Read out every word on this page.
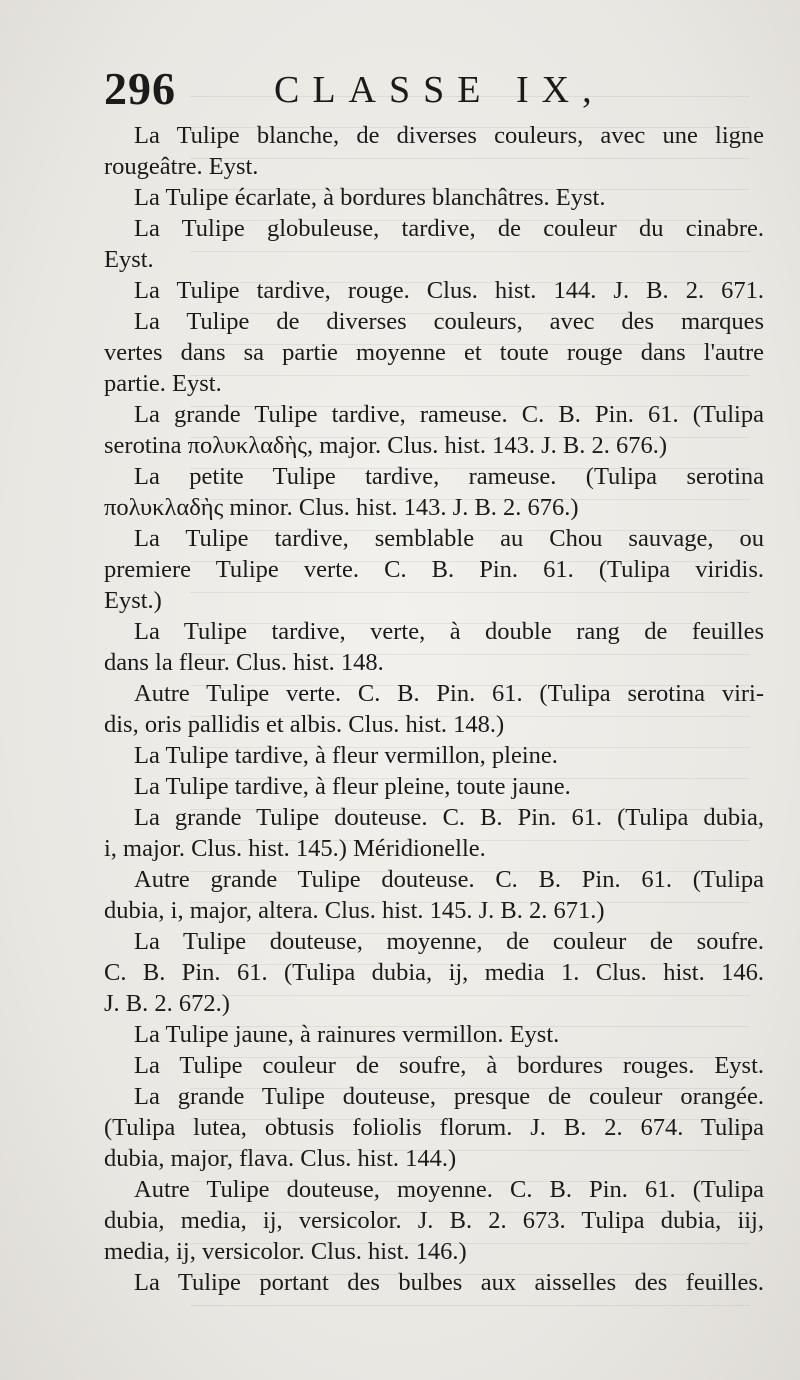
296	CLASSE IX,
La Tulipe blanche, de diverses couleurs, avec une ligne
rougeâtre. Eyst.
La Tulipe écarlate, à bordures blanchâtres. Eyst.
La Tulipe globuleuse, tardive, de couleur du cinabre.
Eyst.
La Tulipe tardive, rouge. Clus. hist. 144. J. B. 2. 671.
La Tulipe de diverses couleurs, avec des marques
vertes dans sa partie moyenne et toute rouge dans l'autre
partie. Eyst.
La grande Tulipe tardive, rameuse. C. B. Pin. 61. (Tulipa
serotina πολυκλαδὴς, major. Clus. hist. 143. J. B. 2. 676.)
La petite Tulipe tardive, rameuse. (Tulipa serotina
πολυκλαδὴς minor. Clus. hist. 143. J. B. 2. 676.)
La Tulipe tardive, semblable au Chou sauvage, ou
premiere Tulipe verte. C. B. Pin. 61. (Tulipa viridis.
Eyst.)
La Tulipe tardive, verte, à double rang de feuilles
dans la fleur. Clus. hist. 148.
Autre Tulipe verte. C. B. Pin. 61. (Tulipa serotina viri-
dis, oris pallidis et albis. Clus. hist. 148.)
La Tulipe tardive, à fleur vermillon, pleine.
La Tulipe tardive, à fleur pleine, toute jaune.
La grande Tulipe douteuse. C. B. Pin. 61. (Tulipa dubia,
i, major. Clus. hist. 145.) Méridionelle.
Autre grande Tulipe douteuse. C. B. Pin. 61. (Tulipa
dubia, i, major, altera. Clus. hist. 145. J. B. 2. 671.)
La Tulipe douteuse, moyenne, de couleur de soufre.
C. B. Pin. 61. (Tulipa dubia, ij, media 1. Clus. hist. 146.
J. B. 2. 672.)
La Tulipe jaune, à rainures vermillon. Eyst.
La Tulipe couleur de soufre, à bordures rouges. Eyst.
La grande Tulipe douteuse, presque de couleur orangée.
(Tulipa lutea, obtusis foliolis florum. J. B. 2. 674. Tulipa
dubia, major, flava. Clus. hist. 144.)
Autre Tulipe douteuse, moyenne. C. B. Pin. 61. (Tulipa
dubia, media, ij, versicolor. J. B. 2. 673. Tulipa dubia, iij,
media, ij, versicolor. Clus. hist. 146.)
La Tulipe portant des bulbes aux aisselles des feuilles.
